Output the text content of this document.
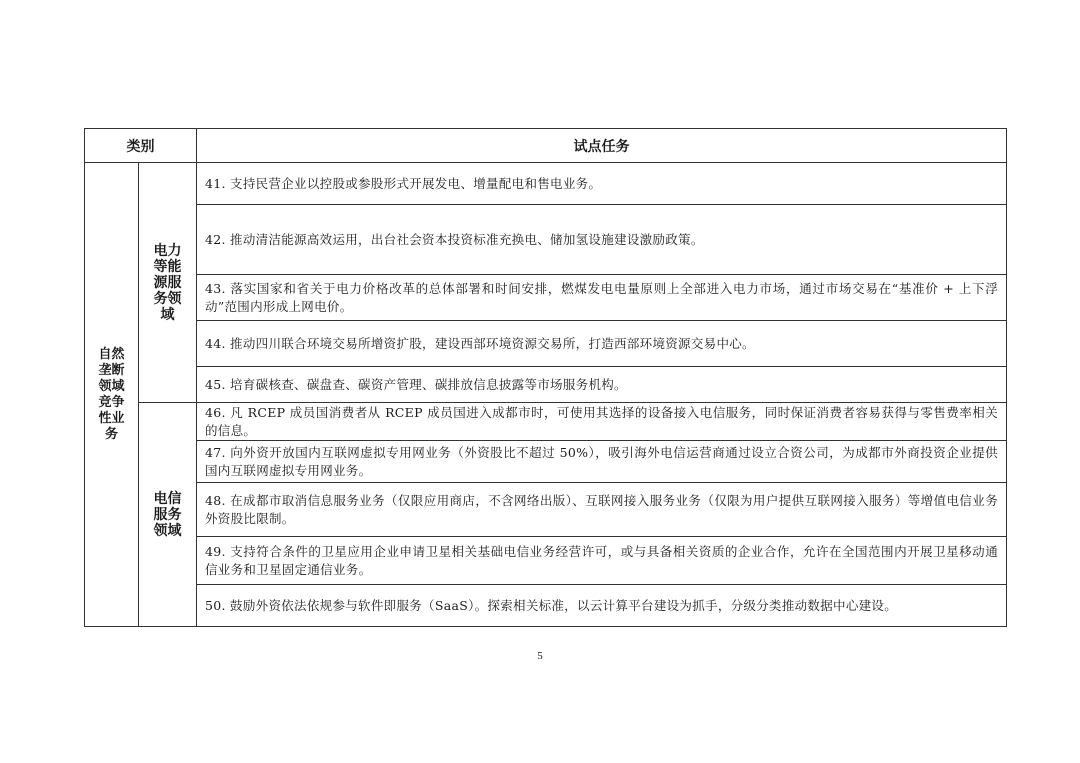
类别		试点任务
自然垄断领域竞争性业务	电力等能源服务领域	41. 支持民营企业以控股或参股形式开展发电、增量配电和售电业务。
		42. 推动清洁能源高效运用，出台社会资本投资标准充换电、储加氢设施建设激励政策。
		43. 落实国家和省关于电力价格改革的总体部署和时间安排，燃煤发电电量原则上全部进入电力市场，通过市场交易在“基准价 + 上下浮动”范围内形成上网电价。
		44. 推动四川联合环境交易所增资扩股，建设西部环境资源交易所，打造西部环境资源交易中心。
		45. 培育碳核查、碳盘查、碳资产管理、碳排放信息披露等市场服务机构。
	电信服务领域	46. 凡 RCEP 成员国消费者从 RCEP 成员国进入成都市时，可使用其选择的设备接入电信服务，同时保证消费者容易获得与零售费率相关的信息。
		47. 向外资开放国内互联网虚拟专用网业务（外资股比不超过 50%），吸引海外电信运营商通过设立合资公司，为成都市外商投资企业提供国内互联网虚拟专用网业务。
		48. 在成都市取消信息服务业务（仅限应用商店，不含网络出版）、互联网接入服务业务（仅限为用户提供互联网接入服务）等增值电信业务外资股比限制。
		49. 支持符合条件的卫星应用企业申请卫星相关基础电信业务经营许可，或与具备相关资质的企业合作，允许在全国范围内开展卫星移动通信业务和卫星固定通信业务。
		50. 鼓励外资依法依规参与软件即服务（SaaS）。探索相关标准，以云计算平台建设为抓手，分级分类推动数据中心建设。
5
